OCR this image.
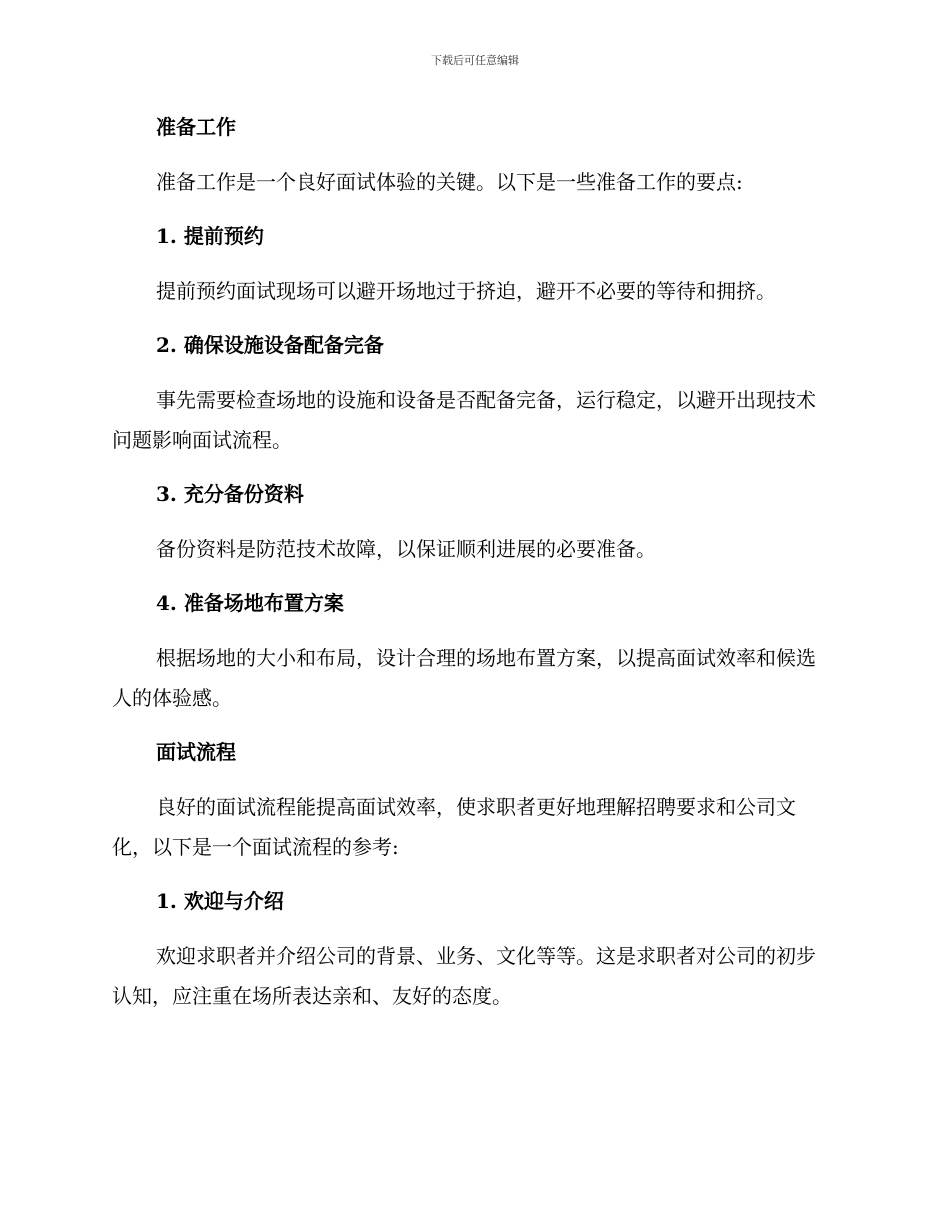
下载后可任意编辑
准备工作

准备工作是一个良好面试体验的关键。以下是一些准备工作的要点:

1. 提前预约

提前预约面试现场可以避开场地过于挤迫，避开不必要的等待和拥挤。

2. 确保设施设备配备完备

事先需要检查场地的设施和设备是否配备完备，运行稳定，以避开出现技术问题影响面试流程。

3. 充分备份资料

备份资料是防范技术故障，以保证顺利进展的必要准备。

4. 准备场地布置方案

根据场地的大小和布局，设计合理的场地布置方案，以提高面试效率和候选人的体验感。

面试流程

良好的面试流程能提高面试效率，使求职者更好地理解招聘要求和公司文化，以下是一个面试流程的参考:

1. 欢迎与介绍

欢迎求职者并介绍公司的背景、业务、文化等等。这是求职者对公司的初步认知，应注重在场所表达亲和、友好的态度。
